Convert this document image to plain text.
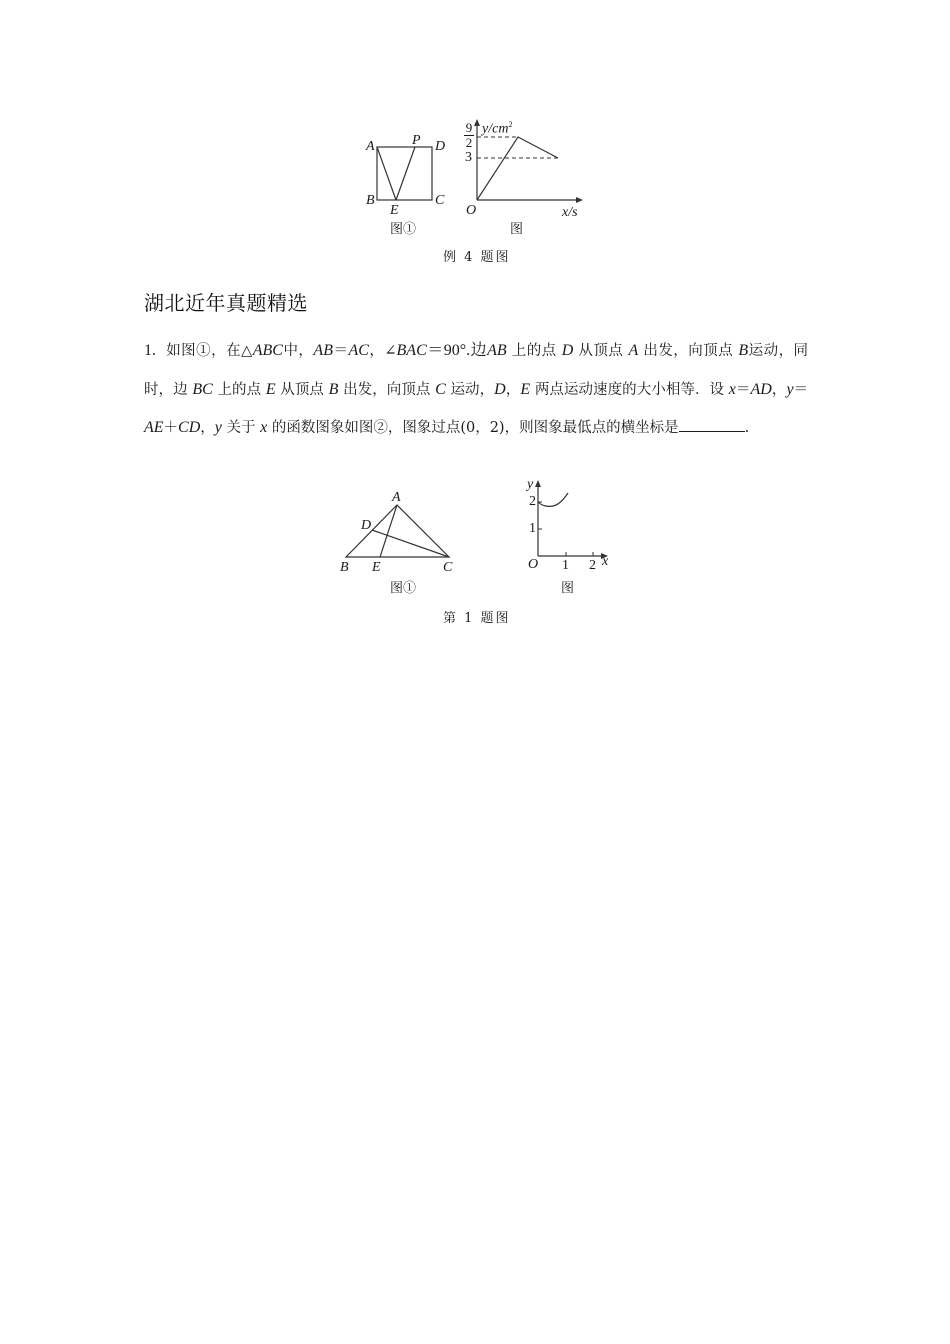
A	P D
B
E
C
图①
$y/cm^2$
9
2
3
O	x/s
图
例 4 题图
湖北近年真题精选
1. 如图①，在△ABC中，AB＝AC，∠BAC＝90°.边AB 上的点 D 从顶点 A 出发，向顶点 B运动，同时，边 BC 上的点 E 从顶点 B 出发，向顶点 C 运动，D，E 两点运动速度的大小相等．设 x＝AD，y＝AE＋CD，y 关于 x 的函数图象如图②，图象过点(0，2)，则图象最低点的横坐标是	.
A
D
B E	C
图①
y
2
1
O 1 2 x
图
第 1 题图
